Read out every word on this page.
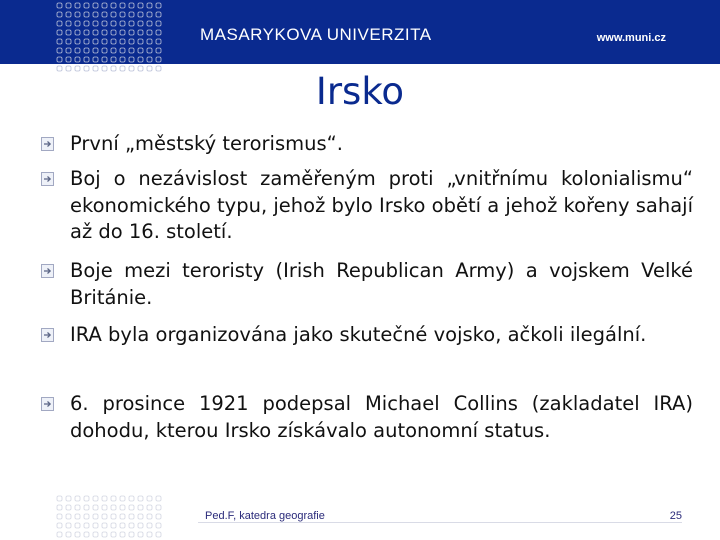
MASARYKOVA UNIVERZITA	www.muni.cz
Irsko
První „městský terorismus“.
Boj o nezávislost zaměřeným proti „vnitřnímu kolonialismu“ ekonomického typu, jehož bylo Irsko obětí a jehož kořeny sahají až do 16. století.
Boje mezi teroristy (Irish Republican Army) a vojskem Velké Británie.
IRA byla organizována jako skutečné vojsko, ačkoli ilegální.
6. prosince 1921 podepsal Michael Collins (zakladatel IRA) dohodu, kterou Irsko získávalo autonomní status.
Ped.F, katedra geografie	25
